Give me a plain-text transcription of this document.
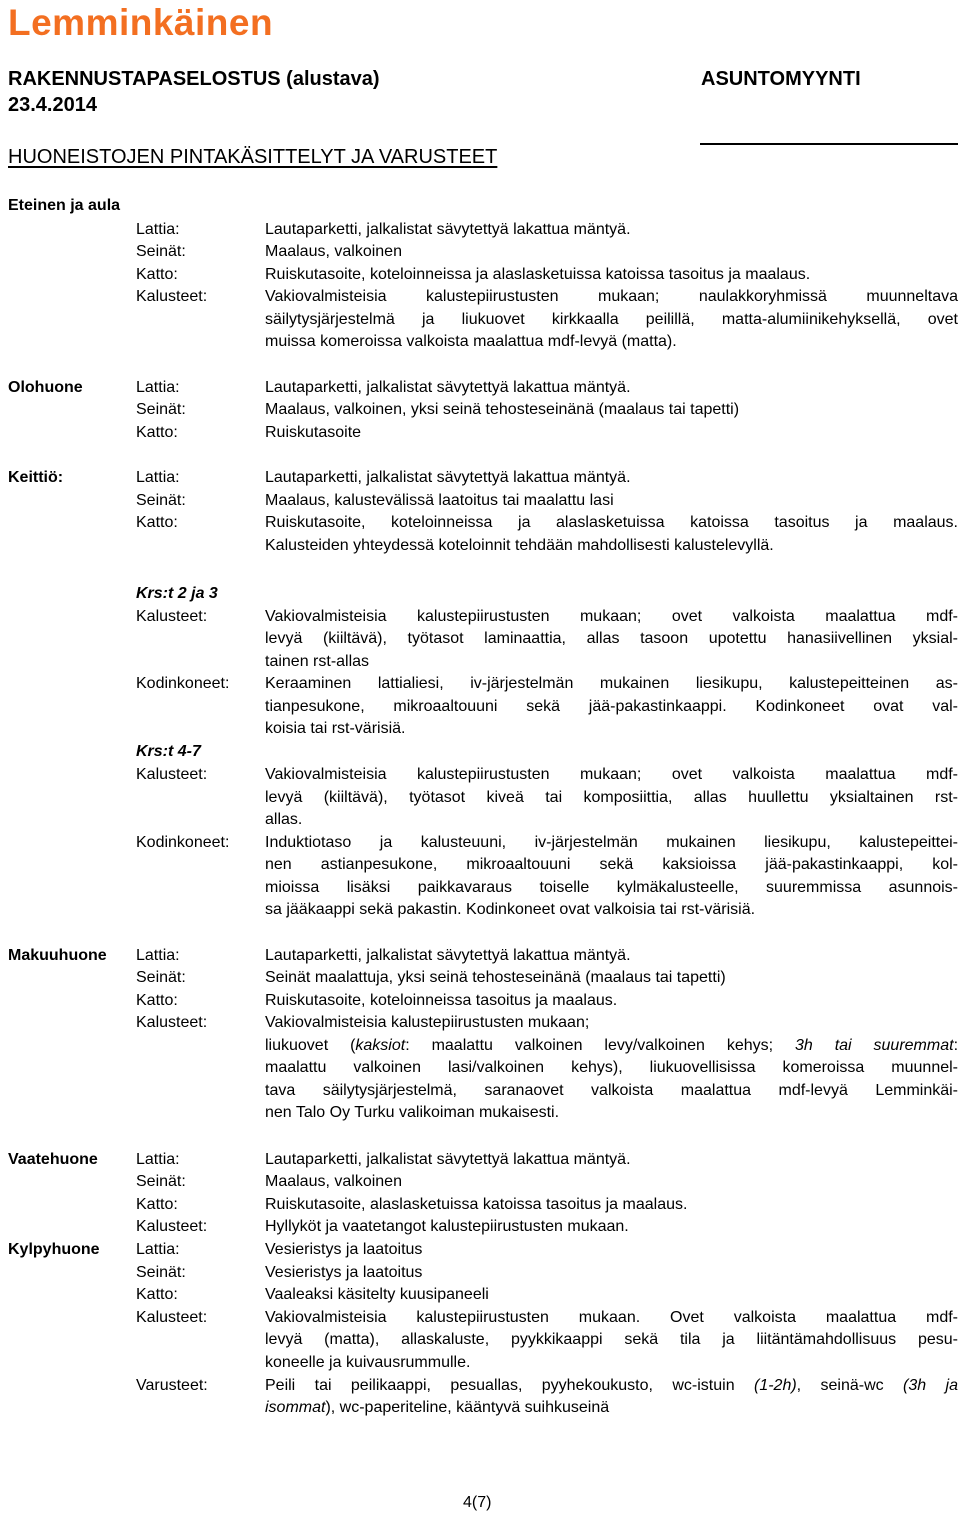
Lemminkäinen
RAKENNUSTAPASELOSTUS (alustava)
23.4.2014
ASUNTOMYYNTI
HUONEISTOJEN PINTAKÄSITTELYT JA VARUSTEET
Eteinen ja aula
Lattia:	Lautaparketti, jalkalistat sävytettyä lakattua mäntyä.
Seinät:	Maalaus, valkoinen
Katto:	Ruiskutasoite, koteloinneissa ja alaslasketuissa katoissa tasoitus ja maalaus.
Kalusteet:	Vakiovalmisteisia kalustepiirustusten mukaan; naulakkoryhmissä muunneltava
säilytysjärjestelmä ja liukuovet kirkkaalla peilillä, matta-alumiinikehyksellä, ovet
muissa komeroissa valkoista maalattua mdf-levyä (matta).
Olohuone	Lattia:	Lautaparketti, jalkalistat sävytettyä lakattua mäntyä.
Seinät:	Maalaus, valkoinen, yksi seinä tehosteseinänä (maalaus tai tapetti)
Katto:	Ruiskutasoite
Keittiö:	Lattia:	Lautaparketti, jalkalistat sävytettyä lakattua mäntyä.
Seinät:	Maalaus, kalustevälissä laatoitus tai maalattu lasi
Katto:	Ruiskutasoite, koteloinneissa ja alaslasketuissa katoissa tasoitus ja maalaus.
Kalusteiden yhteydessä koteloinnit tehdään mahdollisesti kalustelevyllä.
Krs:t 2 ja 3
Kalusteet:	Vakiovalmisteisia kalustepiirustusten mukaan; ovet valkoista maalattua mdf-
levyä (kiiltävä), työtasot laminaattia, allas tasoon upotettu hanasiivellinen yksial-
tainen rst-allas
Kodinkoneet: Keraaminen lattialiesi, iv-järjestelmän mukainen liesikupu, kalustepeitteinen as-
tianpesukone, mikroaaltouuni sekä jää-pakastinkaappi. Kodinkoneet ovat val-
koisia tai rst-värisiä.
Krs:t 4-7
Kalusteet:	Vakiovalmisteisia kalustepiirustusten mukaan; ovet valkoista maalattua mdf-
levyä (kiiltävä), työtasot kiveä tai komposiittia, allas huullettu yksialtainen rst-
allas.
Kodinkoneet: Induktiotaso ja kalusteuuni, iv-järjestelmän mukainen liesikupu, kalustepeittei-
nen astianpesukone, mikroaaltouuni sekä kaksioissa jää-pakastinkaappi, kol-
mioissa lisäksi paikkavaraus toiselle kylmäkalusteelle, suuremmissa asunnois-
sa jääkaappi sekä pakastin. Kodinkoneet ovat valkoisia tai rst-värisiä.
Makuuhuone Lattia:	Lautaparketti, jalkalistat sävytettyä lakattua mäntyä.
Seinät:	Seinät maalattuja, yksi seinä tehosteseinänä (maalaus tai tapetti)
Katto:	Ruiskutasoite, koteloinneissa tasoitus ja maalaus.
Kalusteet:	Vakiovalmisteisia kalustepiirustusten mukaan;
liukuovet (kaksiot: maalattu valkoinen levy/valkoinen kehys; 3h tai suuremmat:
maalattu valkoinen lasi/valkoinen kehys), liukuovellisissa komeroissa muunnel-
tava säilytysjärjestelmä, saranaovet valkoista maalattua mdf-levyä Lemminkäi-
nen Talo Oy Turku valikoiman mukaisesti.
Vaatehuone Lattia:	Lautaparketti, jalkalistat sävytettyä lakattua mäntyä.
Seinät:	Maalaus, valkoinen
Katto:	Ruiskutasoite, alaslasketuissa katoissa tasoitus ja maalaus.
Kalusteet:	Hyllyköt ja vaatetangot kalustepiirustusten mukaan.
Kylpyhuone Lattia:	Vesieristys ja laatoitus
Seinät:	Vesieristys ja laatoitus
Katto:	Vaaleaksi käsitelty kuusipaneeli
Kalusteet:	Vakiovalmisteisia kalustepiirustusten mukaan. Ovet valkoista maalattua mdf-
levyä (matta), allaskaluste, pyykkikaappi sekä tila ja liitäntämahdollisuus pesu-
koneelle ja kuivausrummulle.
Varusteet:	Peili tai peilikaappi, pesuallas, pyyhekoukusto, wc-istuin (1-2h), seinä-wc (3h ja
isommat), wc-paperiteline, kääntyvä suihkuseinä
4(7)
